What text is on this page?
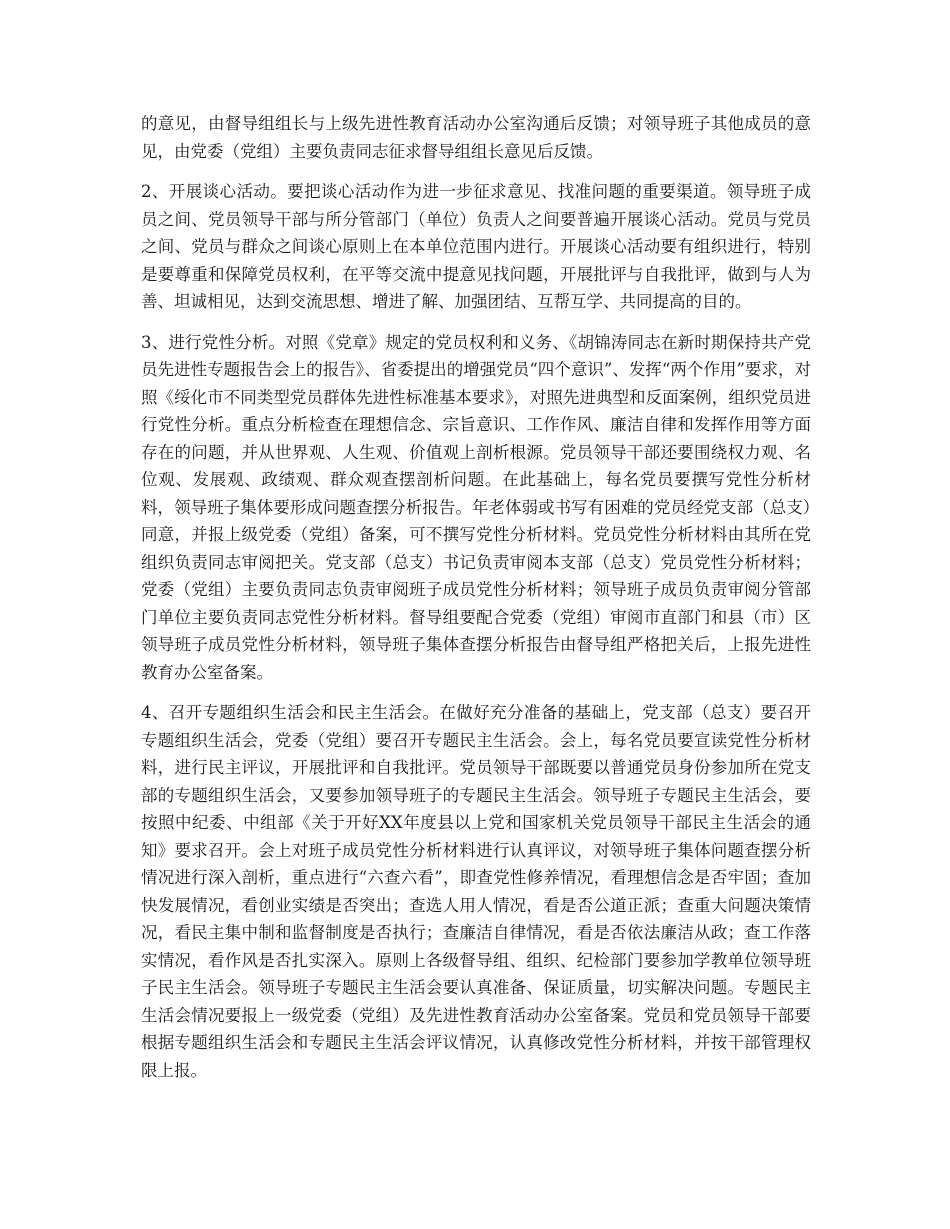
的意见，由督导组组长与上级先进性教育活动办公室沟通后反馈；对领导班子其他成员的意见，由党委（党组）主要负责同志征求督导组组长意见后反馈。

2、开展谈心活动。要把谈心活动作为进一步征求意见、找准问题的重要渠道。领导班子成员之间、党员领导干部与所分管部门（单位）负责人之间要普遍开展谈心活动。党员与党员之间、党员与群众之间谈心原则上在本单位范围内进行。开展谈心活动要有组织进行，特别是要尊重和保障党员权利，在平等交流中提意见找问题，开展批评与自我批评，做到与人为善、坦诚相见，达到交流思想、增进了解、加强团结、互帮互学、共同提高的目的。

3、进行党性分析。对照《党章》规定的党员权利和义务、《胡锦涛同志在新时期保持共产党员先进性专题报告会上的报告》、省委提出的增强党员“四个意识”、发挥“两个作用”要求，对照《绥化市不同类型党员群体先进性标准基本要求》，对照先进典型和反面案例，组织党员进行党性分析。重点分析检查在理想信念、宗旨意识、工作作风、廉洁自律和发挥作用等方面存在的问题，并从世界观、人生观、价值观上剖析根源。党员领导干部还要围绕权力观、名位观、发展观、政绩观、群众观查摆剖析问题。在此基础上，每名党员要撰写党性分析材料，领导班子集体要形成问题查摆分析报告。年老体弱或书写有困难的党员经党支部（总支）同意，并报上级党委（党组）备案，可不撰写党性分析材料。党员党性分析材料由其所在党组织负责同志审阅把关。党支部（总支）书记负责审阅本支部（总支）党员党性分析材料；党委（党组）主要负责同志负责审阅班子成员党性分析材料；领导班子成员负责审阅分管部门单位主要负责同志党性分析材料。督导组要配合党委（党组）审阅市直部门和县（市）区领导班子成员党性分析材料，领导班子集体查摆分析报告由督导组严格把关后，上报先进性教育办公室备案。

4、召开专题组织生活会和民主生活会。在做好充分准备的基础上，党支部（总支）要召开专题组织生活会，党委（党组）要召开专题民主生活会。会上，每名党员要宣读党性分析材料，进行民主评议，开展批评和自我批评。党员领导干部既要以普通党员身份参加所在党支部的专题组织生活会，又要参加领导班子的专题民主生活会。领导班子专题民主生活会，要按照中纪委、中组部《关于开好XX年度县以上党和国家机关党员领导干部民主生活会的通知》要求召开。会上对班子成员党性分析材料进行认真评议，对领导班子集体问题查摆分析情况进行深入剖析，重点进行“六查六看”，即查党性修养情况，看理想信念是否牢固；查加快发展情况，看创业实绩是否突出；查选人用人情况，看是否公道正派；查重大问题决策情况，看民主集中制和监督制度是否执行；查廉洁自律情况，看是否依法廉洁从政；查工作落实情况，看作风是否扎实深入。原则上各级督导组、组织、纪检部门要参加学教单位领导班子民主生活会。领导班子专题民主生活会要认真准备、保证质量，切实解决问题。专题民主生活会情况要报上一级党委（党组）及先进性教育活动办公室备案。党员和党员领导干部要根据专题组织生活会和专题民主生活会评议情况，认真修改党性分析材料，并按干部管理权限上报。
